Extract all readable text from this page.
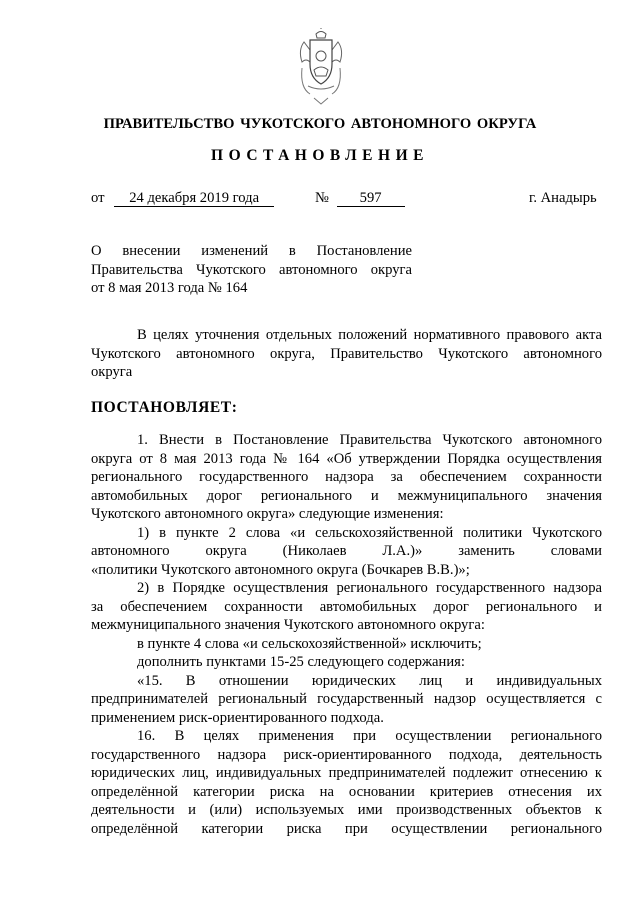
ПРАВИТЕЛЬСТВО ЧУКОТСКОГО АВТОНОМНОГО ОКРУГА
ПОСТАНОВЛЕНИЕ
от 24 декабря 2019 года	№ 597	г. Анадырь
О внесении изменений в Постановление
Правительства Чукотского автономного округа
от 8 мая 2013 года № 164
В целях уточнения отдельных положений нормативного правового акта
Чукотского автономного округа, Правительство Чукотского автономного
округа
ПОСТАНОВЛЯЕТ:
1. Внести в Постановление Правительства Чукотского автономного
округа от 8 мая 2013 года № 164 «Об утверждении Порядка осуществления
регионального государственного надзора за обеспечением сохранности
автомобильных дорог регионального и межмуниципального значения
Чукотского автономного округа» следующие изменения:
1) в пункте 2 слова «и сельскохозяйственной политики Чукотского
автономного округа (Николаев Л.А.)» заменить словами
«политики Чукотского автономного округа (Бочкарев В.В.)»;
2) в Порядке осуществления регионального государственного надзора
за обеспечением сохранности автомобильных дорог регионального и
межмуниципального значения Чукотского автономного округа:
в пункте 4 слова «и сельскохозяйственной» исключить;
дополнить пунктами 15-25 следующего содержания:
«15. В отношении юридических лиц и индивидуальных
предпринимателей региональный государственный надзор осуществляется с
применением риск-ориентированного подхода.
16. В целях применения при осуществлении регионального
государственного надзора риск-ориентированного подхода, деятельность
юридических лиц, индивидуальных предпринимателей подлежит отнесению к
определённой категории риска на основании критериев отнесения их
деятельности и (или) используемых ими производственных объектов к
определённой категории риска при осуществлении регионального
